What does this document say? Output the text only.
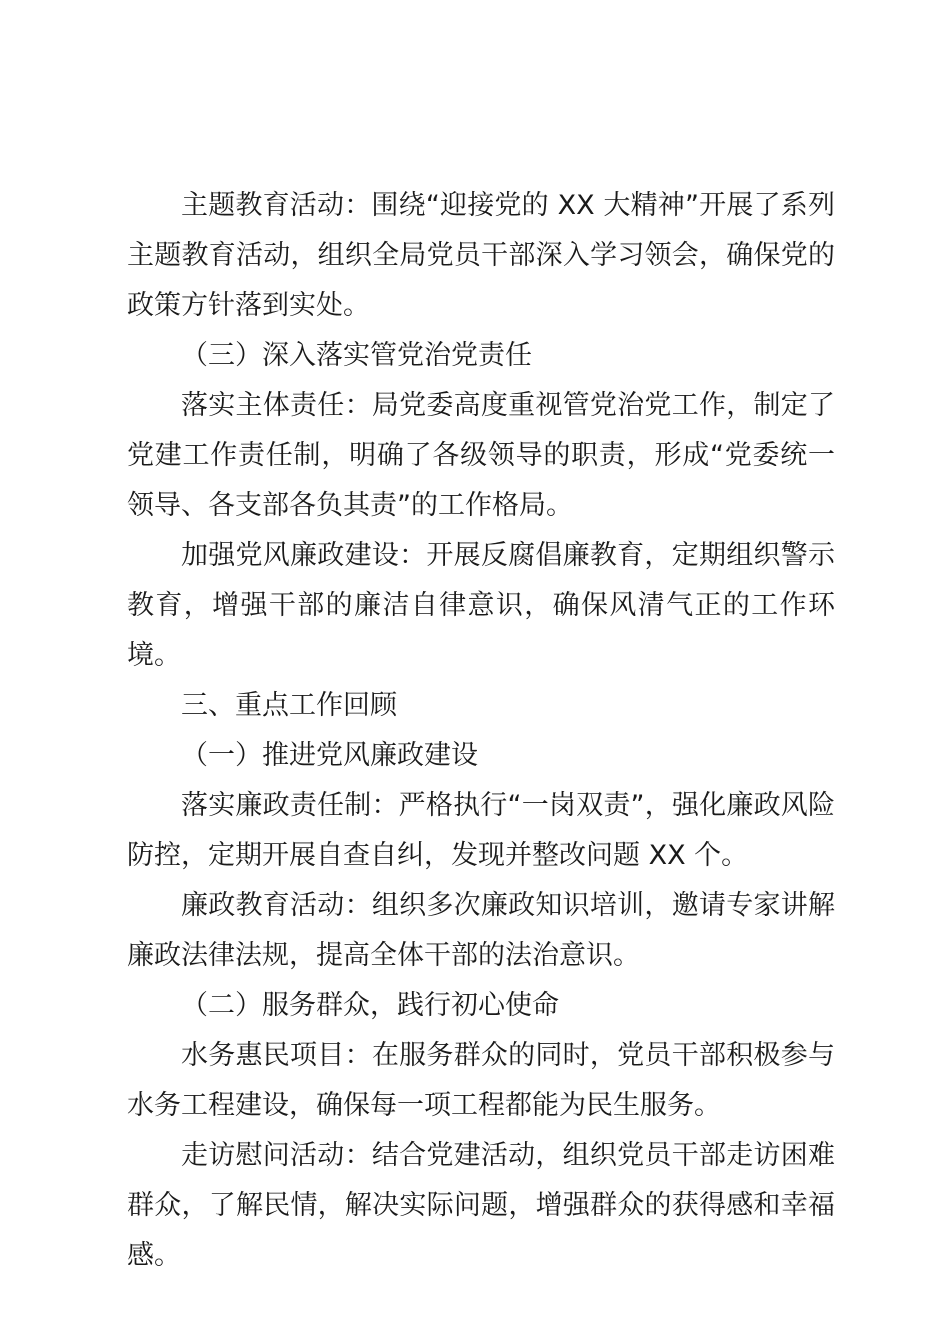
主题教育活动：围绕“迎接党的 XX 大精神”开展了系列主题教育活动，组织全局党员干部深入学习领会，确保党的政策方针落到实处。

（三）深入落实管党治党责任

落实主体责任：局党委高度重视管党治党工作，制定了党建工作责任制，明确了各级领导的职责，形成“党委统一领导、各支部各负其责”的工作格局。

加强党风廉政建设：开展反腐倡廉教育，定期组织警示教育，增强干部的廉洁自律意识，确保风清气正的工作环境。

三、重点工作回顾

（一）推进党风廉政建设

落实廉政责任制：严格执行“一岗双责”，强化廉政风险防控，定期开展自查自纠，发现并整改问题 XX 个。

廉政教育活动：组织多次廉政知识培训，邀请专家讲解廉政法律法规，提高全体干部的法治意识。

（二）服务群众，践行初心使命

水务惠民项目：在服务群众的同时，党员干部积极参与水务工程建设，确保每一项工程都能为民生服务。

走访慰问活动：结合党建活动，组织党员干部走访困难群众，了解民情，解决实际问题，增强群众的获得感和幸福感。
